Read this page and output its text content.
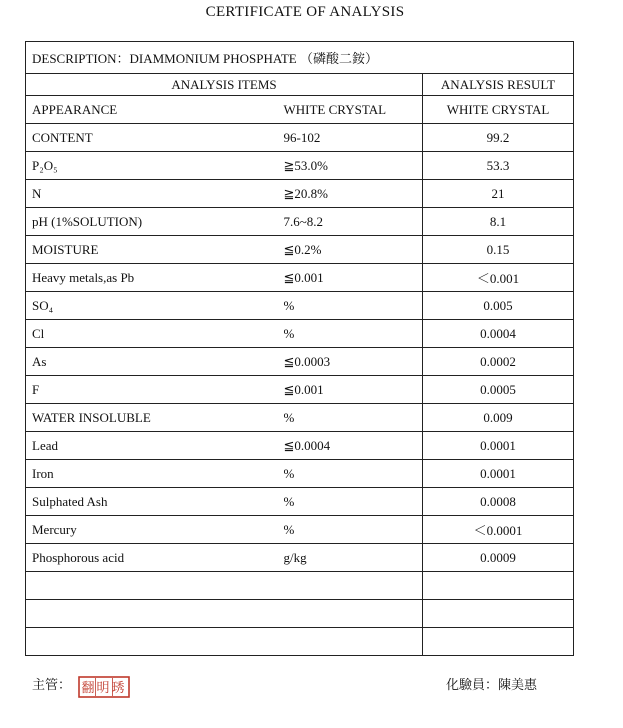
CERTIFICATE OF ANALYSIS
DESCRIPTION：DIAMMONIUM PHOSPHATE （磷酸二銨）		
ANALYSIS ITEMS		ANALYSIS RESULT
APPEARANCE	WHITE CRYSTAL	WHITE CRYSTAL
CONTENT	96-102	99.2
P₂O₅	≧53.0%	53.3
N	≧20.8%	21
pH (1%SOLUTION)	7.6~8.2	8.1
MOISTURE	≦0.2%	0.15
Heavy metals,as Pb	≦0.001	＜0.001
SO₄	%	0.005
Cl	%	0.0004
As	≦0.0003	0.0002
F	≦0.001	0.0005
WATER INSOLUBLE	%	0.009
Lead	≦0.0004	0.0001
Iron	%	0.0001
Sulphated Ash	%	0.0008
Mercury	%	＜0.0001
Phosphorous acid	g/kg	0.0009

主管： 翻明琇	化驗員：陳美惠
